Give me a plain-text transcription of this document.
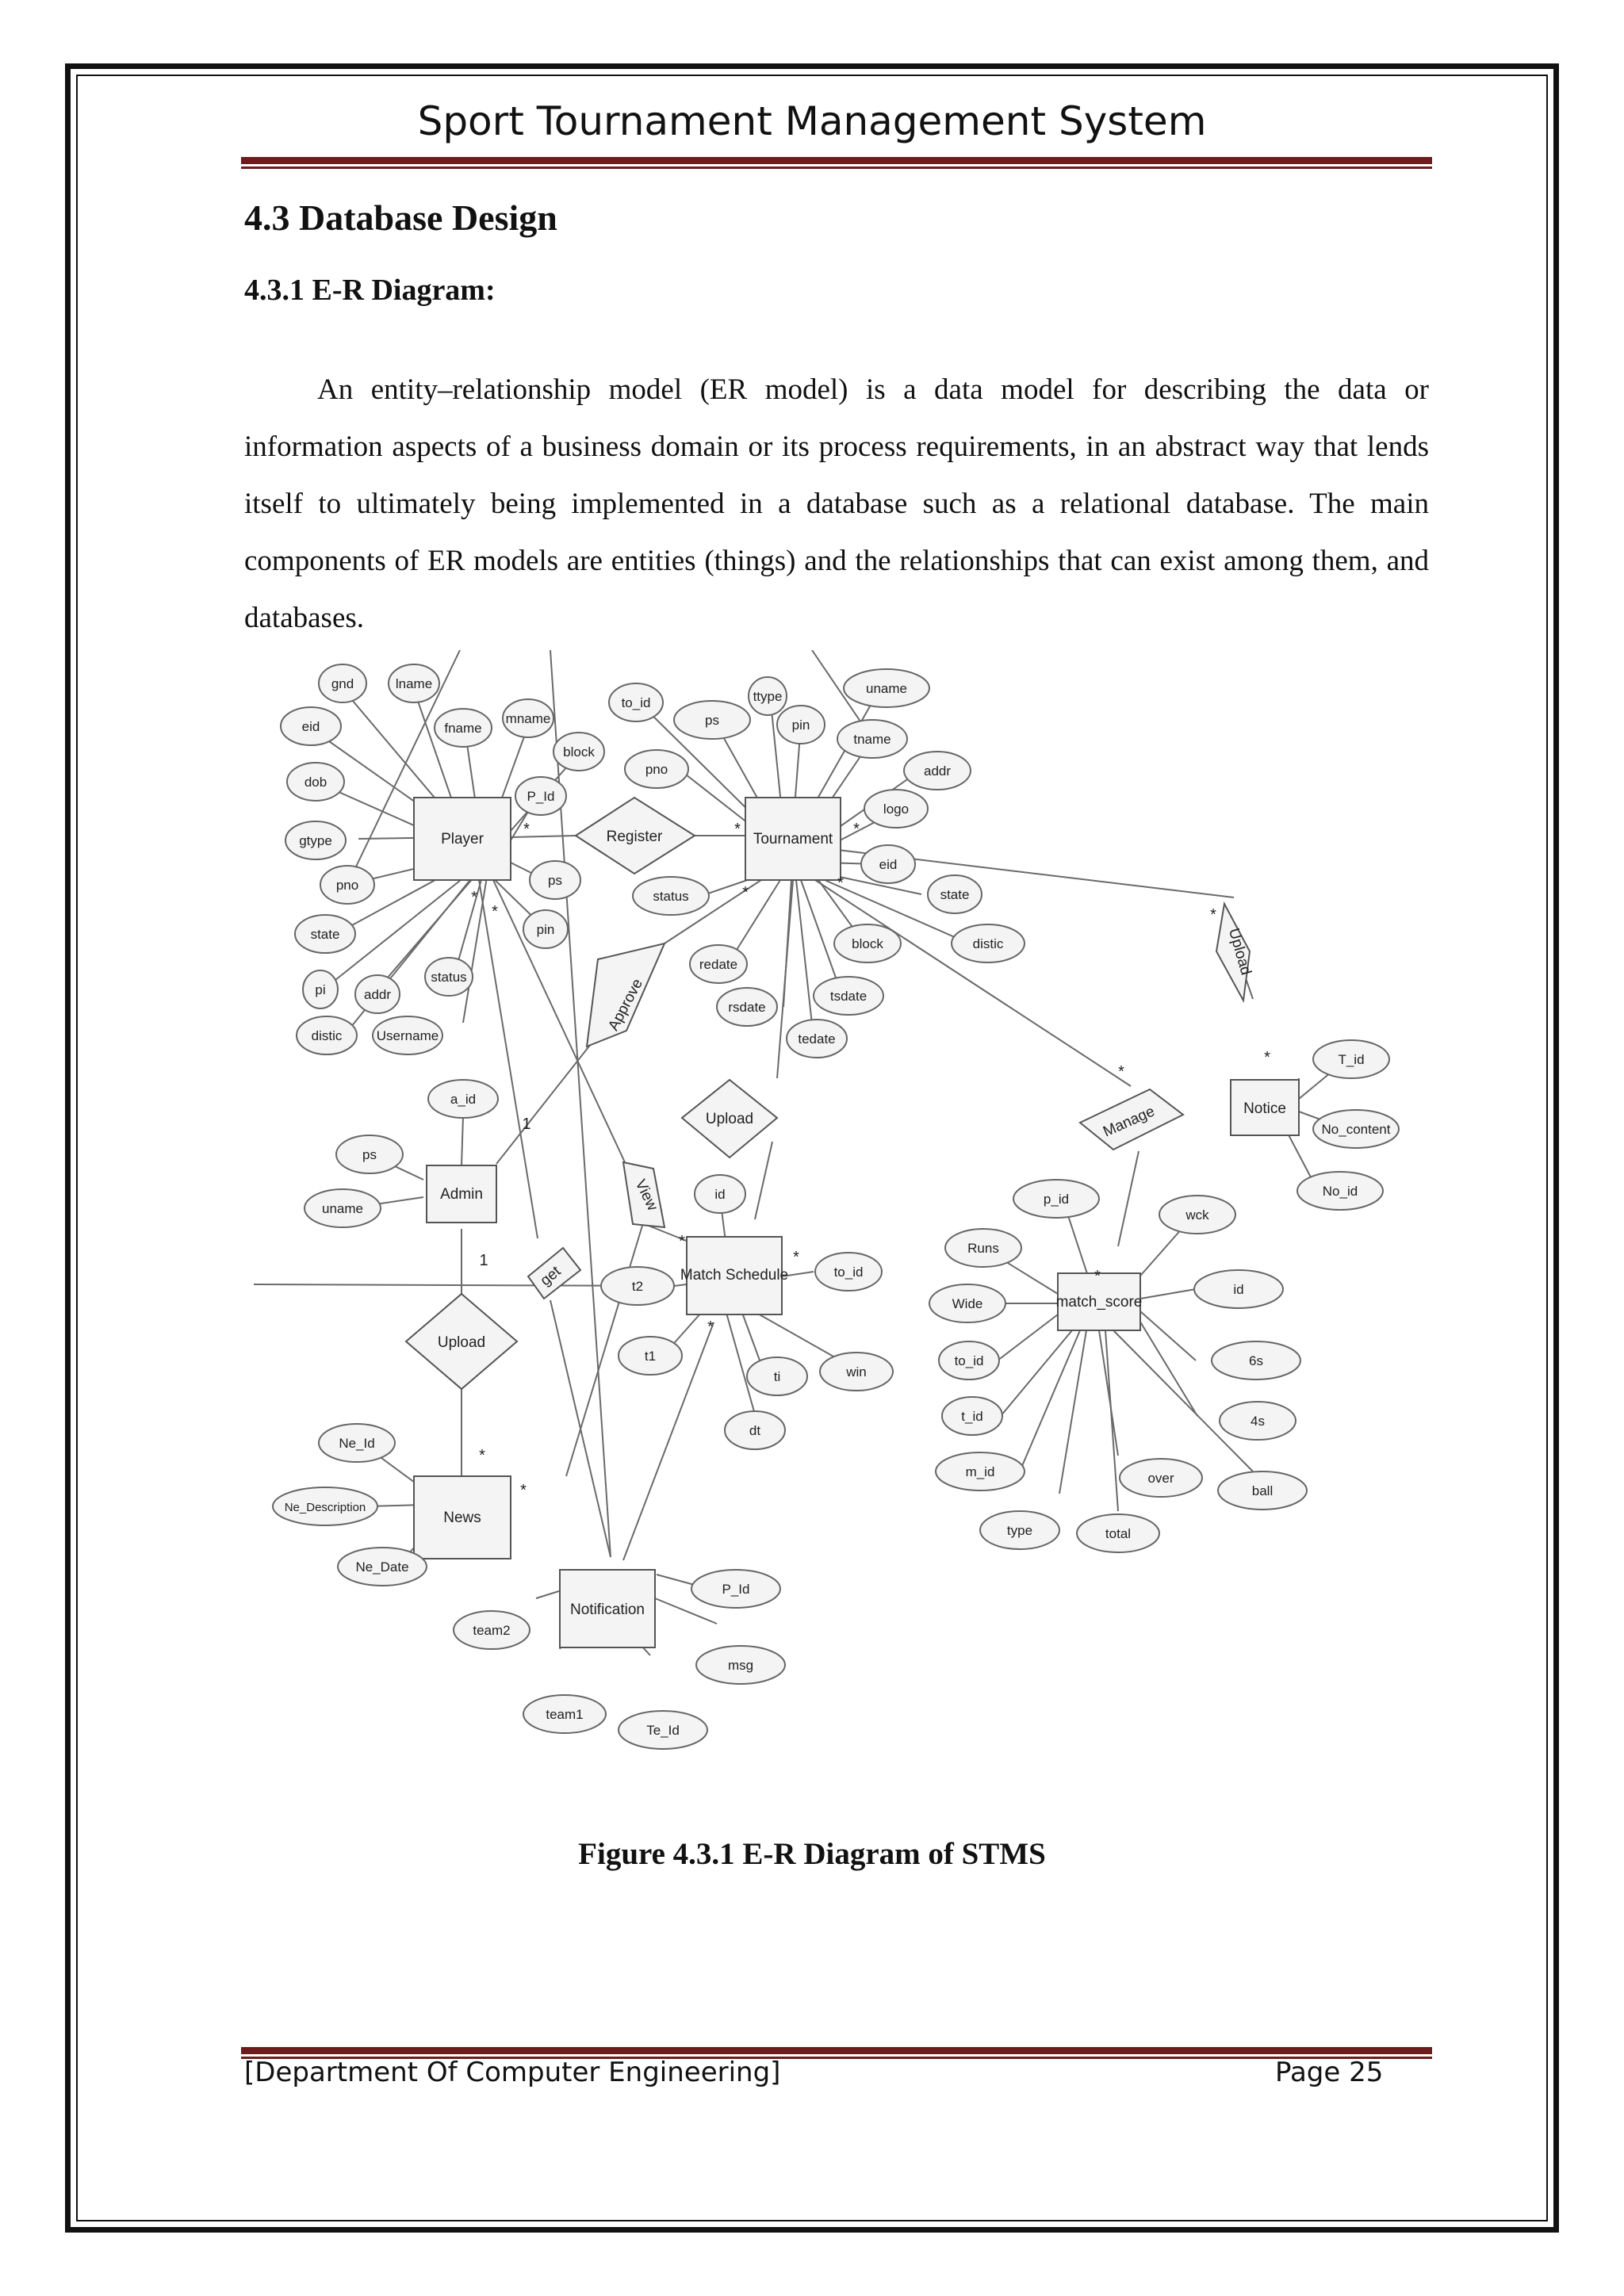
Sport Tournament Management System
4.3 Database Design
4.3.1 E-R Diagram:

An entity–relationship model (ER model) is a data model for describing the data or information aspects of a business domain or its process requirements, in an abstract way that lends itself to ultimately being implemented in a database such as a relational database. The main components of ER models are entities (things) and the relationships that can exist among them, and databases.

Player	Tournament
Admin
Match Schedule
Notice
match_score
News
Notification
Register
Approve
Upload
View
get
Upload
Manage
Upload
gnd	lname
eid	fname
mname
dob
block
P_Id
gtype
pno	ps
state	pin
pi	addr
status
distic	Username
to_id
ps
ttype
uname
pin
tname
pno	addr
logo
eid
status	state
block	distic
redate
tsdate
rsdate
tedate
a_id
ps
uname
id
t2
to_id
t1
ti	win
dt
T_id
No_content
No_id
p_id
wck
Runs
id
Wide
6s
to_id
4s
t_id
m_id	over
ball
type	total
Ne_Id
Ne_Description
Ne_Date
P_Id
team2
msg
team1
Te_Id
*	*	*
*
*
*
*	*
1
1
*
*
*
*
*
*
*
*
Figure 4.3.1 E-R Diagram of STMS
[Department Of Computer Engineering]	Page 25
